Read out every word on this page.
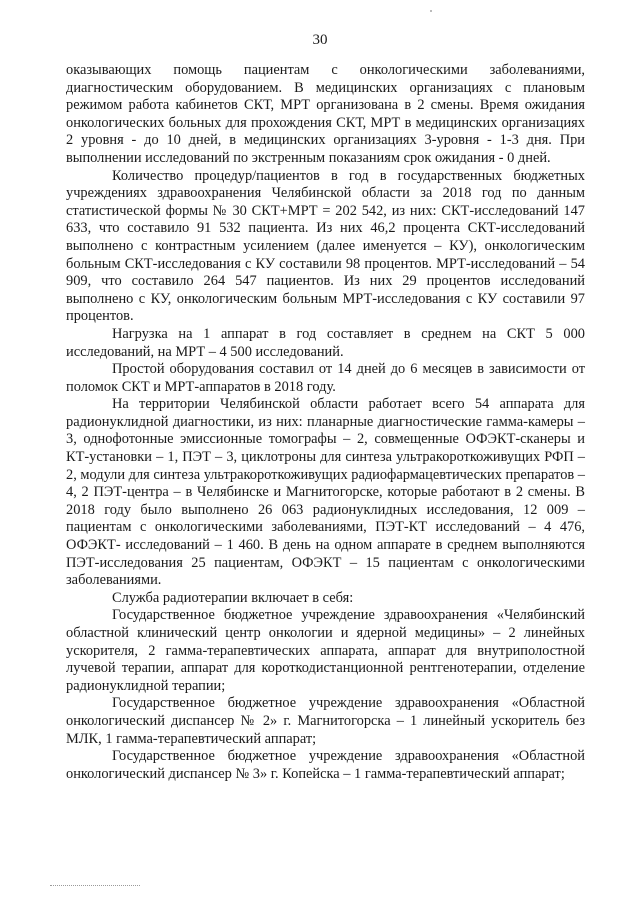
30

оказывающих помощь пациентам с онкологическими заболеваниями, диагностическим оборудованием. В медицинских организациях с плановым режимом работа кабинетов СКТ, МРТ организована в 2 смены. Время ожидания онкологических больных для прохождения СКТ, МРТ в медицинских организациях 2 уровня - до 10 дней, в медицинских организациях 3-уровня - 1-3 дня. При выполнении исследований по экстренным показаниям срок ожидания - 0 дней.

Количество процедур/пациентов в год в государственных бюджетных учреждениях здравоохранения Челябинской области за 2018 год по данным статистической формы № 30 СКТ+МРТ = 202 542, из них: СКТ-исследований 147 633, что составило 91 532 пациента. Из них 46,2 процента СКТ-исследований выполнено с контрастным усилением (далее именуется – КУ), онкологическим больным СКТ-исследования с КУ составили 98 процентов. МРТ-исследований – 54 909, что составило 264 547 пациентов. Из них 29 процентов исследований выполнено с КУ, онкологическим больным МРТ-исследования с КУ составили 97 процентов.

Нагрузка на 1 аппарат в год составляет в среднем на СКТ 5 000 исследований, на МРТ – 4 500 исследований.

Простой оборудования составил от 14 дней до 6 месяцев в зависимости от поломок СКТ и МРТ-аппаратов в 2018 году.

На территории Челябинской области работает всего 54 аппарата для радионуклидной диагностики, из них: планарные диагностические гамма-камеры – 3, однофотонные эмиссионные томографы – 2, совмещенные ОФЭКТ-сканеры и КТ-установки – 1, ПЭТ – 3, циклотроны для синтеза ультракороткоживущих РФП – 2, модули для синтеза ультракороткоживущих радиофармацевтических препаратов – 4, 2 ПЭТ-центра – в Челябинске и Магнитогорске, которые работают в 2 смены. В 2018 году было выполнено 26 063 радионуклидных исследования, 12 009 – пациентам с онкологическими заболеваниями, ПЭТ-КТ исследований – 4 476, ОФЭКТ- исследований – 1 460. В день на одном аппарате в среднем выполняются ПЭТ-исследования 25 пациентам, ОФЭКТ – 15 пациентам с онкологическими заболеваниями.

Служба радиотерапии включает в себя:

Государственное бюджетное учреждение здравоохранения «Челябинский областной клинический центр онкологии и ядерной медицины» – 2 линейных ускорителя, 2 гамма-терапевтических аппарата, аппарат для внутриполостной лучевой терапии, аппарат для короткодистанционной рентгенотерапии, отделение радионуклидной терапии;

Государственное бюджетное учреждение здравоохранения «Областной онкологический диспансер № 2» г. Магнитогорска – 1 линейный ускоритель без МЛК, 1 гамма-терапевтический аппарат;

Государственное бюджетное учреждение здравоохранения «Областной онкологический диспансер № 3» г. Копейска – 1 гамма-терапевтический аппарат;
